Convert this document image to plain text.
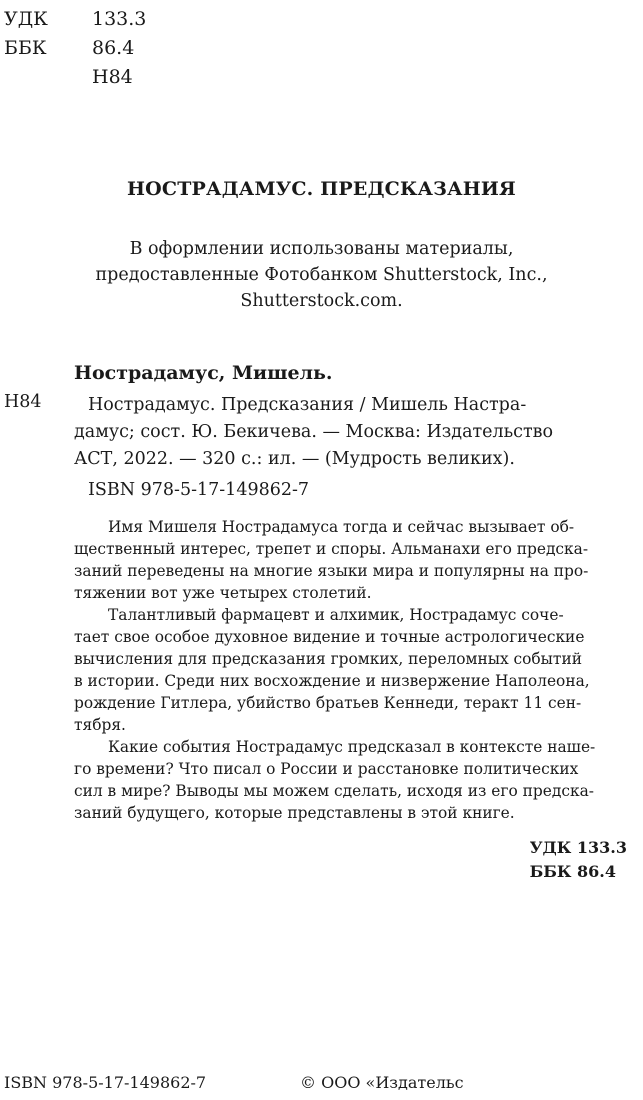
УДК 133.3
ББК 86.4
Н84
НОСТРАДАМУС. ПРЕДСКАЗАНИЯ
В оформлении использованы материалы,
предоставленные Фотобанком Shutterstock, Inc.,
Shutterstock.com.
Нострадамус, Мишель.
Н84	Нострадамус. Предсказания / Мишель Настра-
дамус; сост. Ю. Бекичева. — Москва: Издательство
АСТ, 2022. — 320 с.: ил. — (Мудрость великих).
ISBN 978-5-17-149862-7
Имя Мишеля Нострадамуса тогда и сейчас вызывает об-
щественный интерес, трепет и споры. Альманахи его предска-
заний переведены на многие языки мира и популярны на про-
тяжении вот уже четырех столетий.
Талантливый фармацевт и алхимик, Нострадамус сочe-
тает свое особое духовное видение и точные астрологические
вычисления для предсказания громких, переломных событий
в истории. Среди них восхождение и низвержение Наполеона,
рождение Гитлера, убийство братьев Кеннеди, теракт 11 сен-
тября.
Какие события Нострадамус предсказал в контексте наше-
го времени? Что писал о России и расстановке политических
сил в мире? Выводы мы можем сделать, исходя из его предска-
заний будущего, которые представлены в этой книге.
УДК 133.3
ББК 86.4
ISBN 978-5-17-149862-7	© ООО «Издательс
